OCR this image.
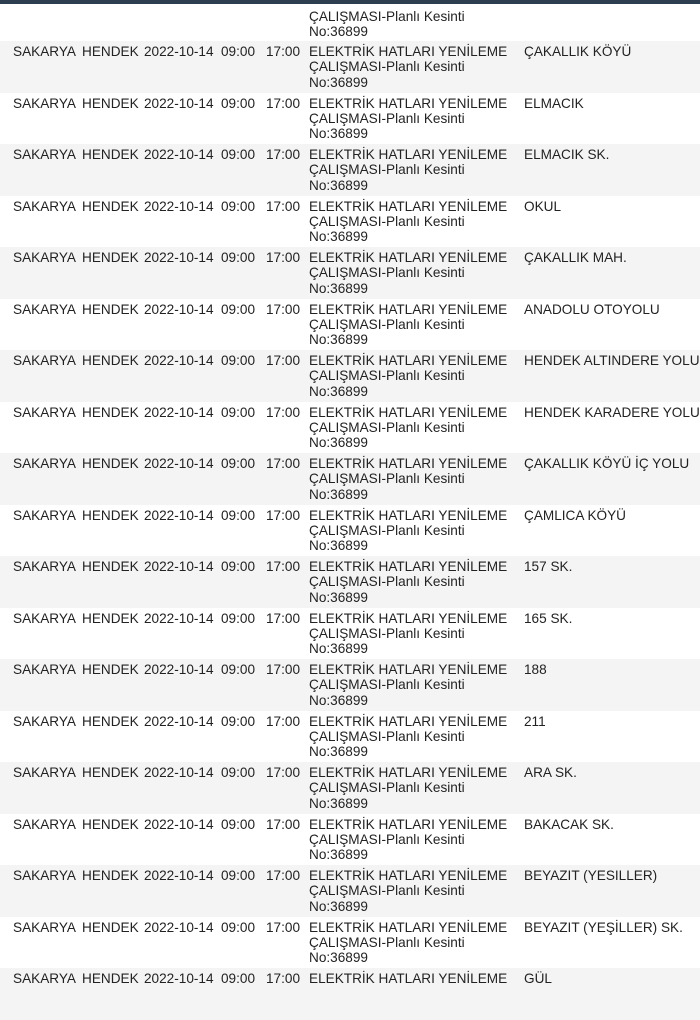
ÇALIŞMASI-Planlı Kesinti
No:36899
SAKARYA HENDEK 2022-10-14 09:00 17:00 ELEKTRİK HATLARI YENİLEME
ÇALIŞMASI-Planlı Kesinti
No:36899
ÇAKALLIK KÖYÜ
SAKARYA HENDEK 2022-10-14 09:00 17:00 ELEKTRİK HATLARI YENİLEME
ÇALIŞMASI-Planlı Kesinti
No:36899
ELMACIK
SAKARYA HENDEK 2022-10-14 09:00 17:00 ELEKTRİK HATLARI YENİLEME
ÇALIŞMASI-Planlı Kesinti
No:36899
ELMACIK SK.
SAKARYA HENDEK 2022-10-14 09:00 17:00 ELEKTRİK HATLARI YENİLEME
ÇALIŞMASI-Planlı Kesinti
No:36899
OKUL
SAKARYA HENDEK 2022-10-14 09:00 17:00 ELEKTRİK HATLARI YENİLEME
ÇALIŞMASI-Planlı Kesinti
No:36899
ÇAKALLIK MAH.
SAKARYA HENDEK 2022-10-14 09:00 17:00 ELEKTRİK HATLARI YENİLEME
ÇALIŞMASI-Planlı Kesinti
No:36899
ANADOLU OTOYOLU
SAKARYA HENDEK 2022-10-14 09:00 17:00 ELEKTRİK HATLARI YENİLEME
ÇALIŞMASI-Planlı Kesinti
No:36899
HENDEK ALTINDERE YOLU
SAKARYA HENDEK 2022-10-14 09:00 17:00 ELEKTRİK HATLARI YENİLEME
ÇALIŞMASI-Planlı Kesinti
No:36899
HENDEK KARADERE YOLU
SAKARYA HENDEK 2022-10-14 09:00 17:00 ELEKTRİK HATLARI YENİLEME
ÇALIŞMASI-Planlı Kesinti
No:36899
ÇAKALLIK KÖYÜ İÇ YOLU
SAKARYA HENDEK 2022-10-14 09:00 17:00 ELEKTRİK HATLARI YENİLEME
ÇALIŞMASI-Planlı Kesinti
No:36899
ÇAMLICA KÖYÜ
SAKARYA HENDEK 2022-10-14 09:00 17:00 ELEKTRİK HATLARI YENİLEME
ÇALIŞMASI-Planlı Kesinti
No:36899
157 SK.
SAKARYA HENDEK 2022-10-14 09:00 17:00 ELEKTRİK HATLARI YENİLEME
ÇALIŞMASI-Planlı Kesinti
No:36899
165 SK.
SAKARYA HENDEK 2022-10-14 09:00 17:00 ELEKTRİK HATLARI YENİLEME
ÇALIŞMASI-Planlı Kesinti
No:36899
188
SAKARYA HENDEK 2022-10-14 09:00 17:00 ELEKTRİK HATLARI YENİLEME
ÇALIŞMASI-Planlı Kesinti
No:36899
211
SAKARYA HENDEK 2022-10-14 09:00 17:00 ELEKTRİK HATLARI YENİLEME
ÇALIŞMASI-Planlı Kesinti
No:36899
ARA SK.
SAKARYA HENDEK 2022-10-14 09:00 17:00 ELEKTRİK HATLARI YENİLEME
ÇALIŞMASI-Planlı Kesinti
No:36899
BAKACAK SK.
SAKARYA HENDEK 2022-10-14 09:00 17:00 ELEKTRİK HATLARI YENİLEME
ÇALIŞMASI-Planlı Kesinti
No:36899
BEYAZIT (YESILLER)
SAKARYA HENDEK 2022-10-14 09:00 17:00 ELEKTRİK HATLARI YENİLEME
ÇALIŞMASI-Planlı Kesinti
No:36899
BEYAZIT (YEŞİLLER) SK.
SAKARYA HENDEK 2022-10-14 09:00 17:00 ELEKTRİK HATLARI YENİLEME	GÜL
